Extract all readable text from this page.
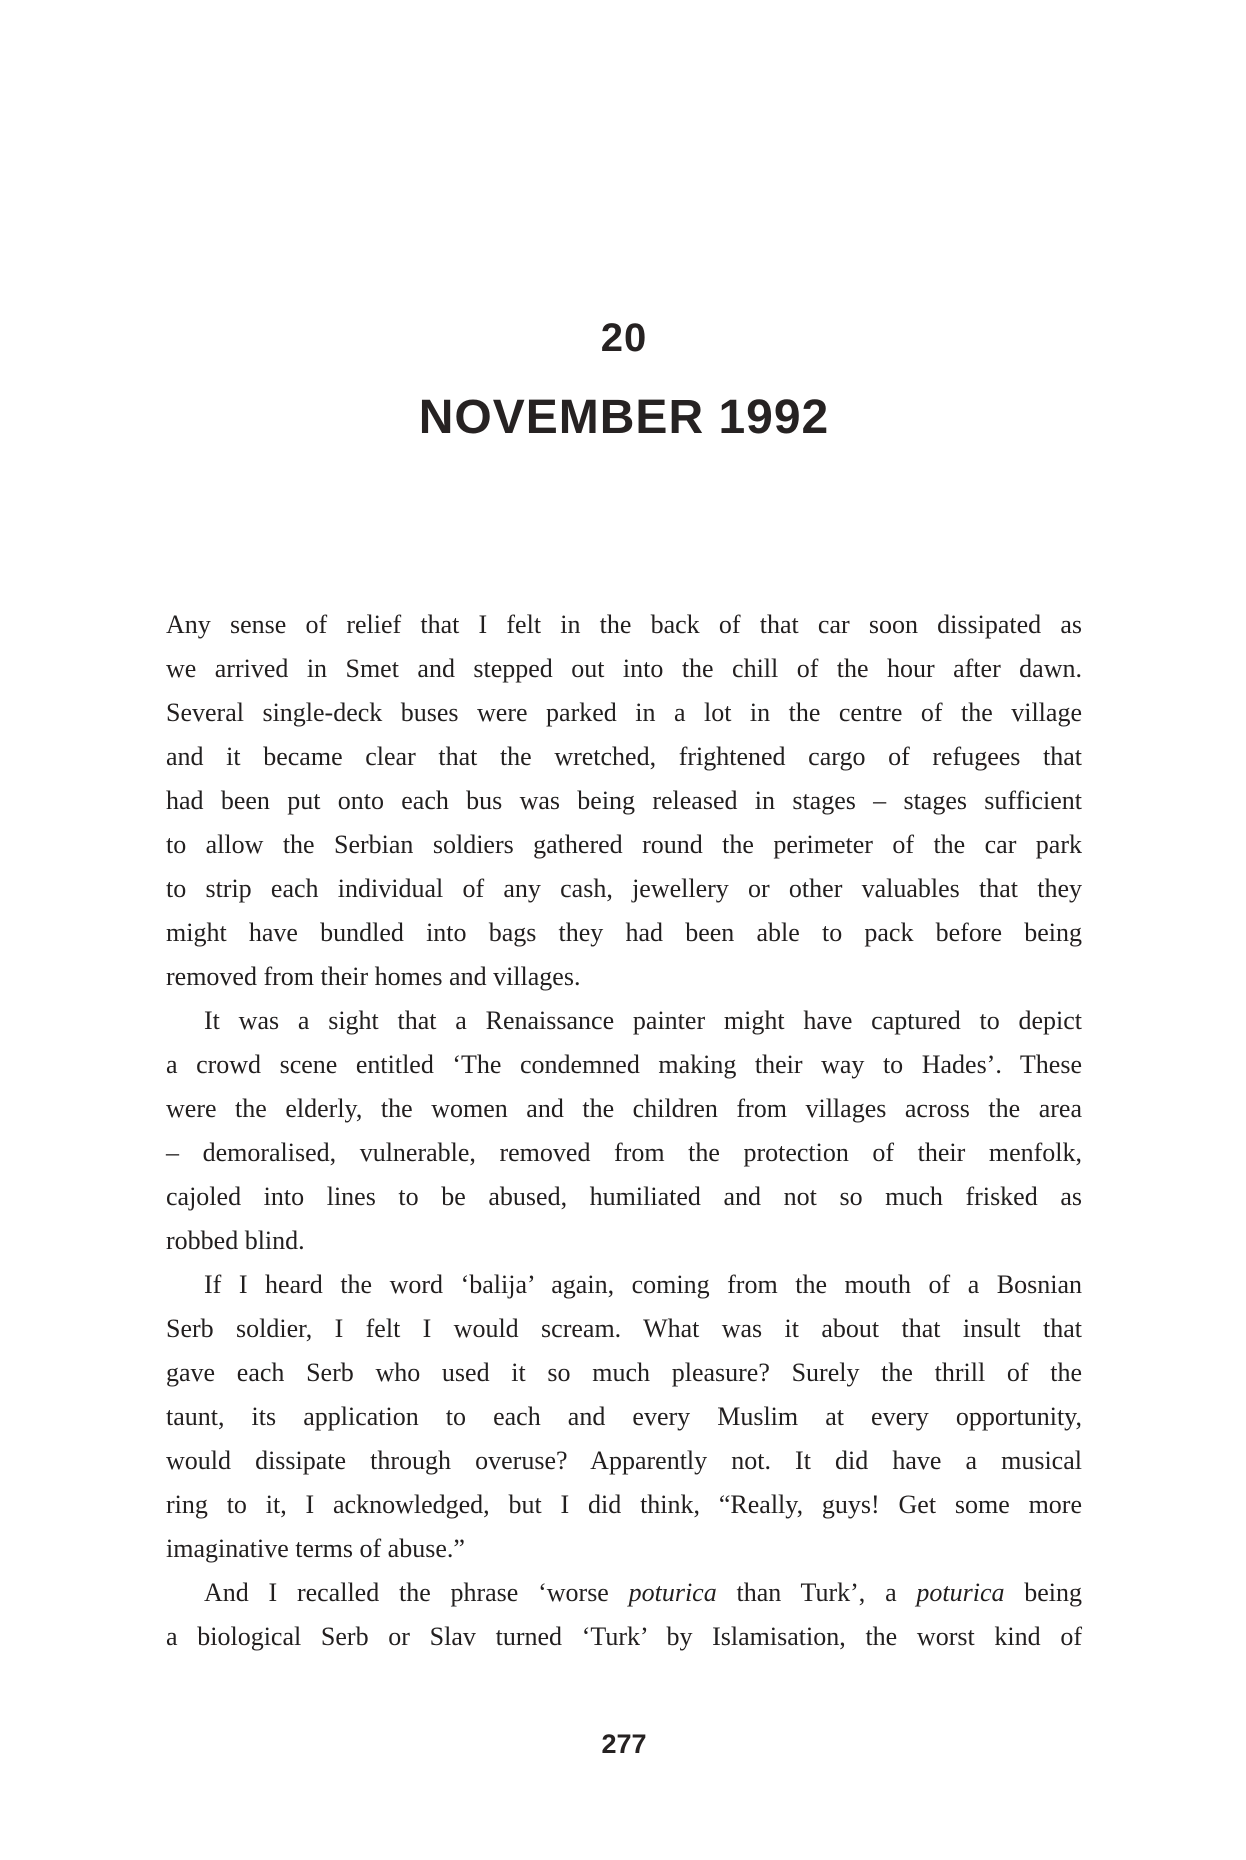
20
NOVEMBER 1992
Any sense of relief that I felt in the back of that car soon dissipated as
we arrived in Smet and stepped out into the chill of the hour after dawn.
Several single-deck buses were parked in a lot in the centre of the village
and it became clear that the wretched, frightened cargo of refugees that
had been put onto each bus was being released in stages – stages sufficient
to allow the Serbian soldiers gathered round the perimeter of the car park
to strip each individual of any cash, jewellery or other valuables that they
might have bundled into bags they had been able to pack before being
removed from their homes and villages.
It was a sight that a Renaissance painter might have captured to depict
a crowd scene entitled ‘The condemned making their way to Hades’. These
were the elderly, the women and the children from villages across the area
– demoralised, vulnerable, removed from the protection of their menfolk,
cajoled into lines to be abused, humiliated and not so much frisked as
robbed blind.
If I heard the word ‘balija’ again, coming from the mouth of a Bosnian
Serb soldier, I felt I would scream. What was it about that insult that
gave each Serb who used it so much pleasure? Surely the thrill of the
taunt, its application to each and every Muslim at every opportunity,
would dissipate through overuse? Apparently not. It did have a musical
ring to it, I acknowledged, but I did think, “Really, guys! Get some more
imaginative terms of abuse.”
And I recalled the phrase ‘worse poturica than Turk’, a poturica being
a biological Serb or Slav turned ‘Turk’ by Islamisation, the worst kind of
277
